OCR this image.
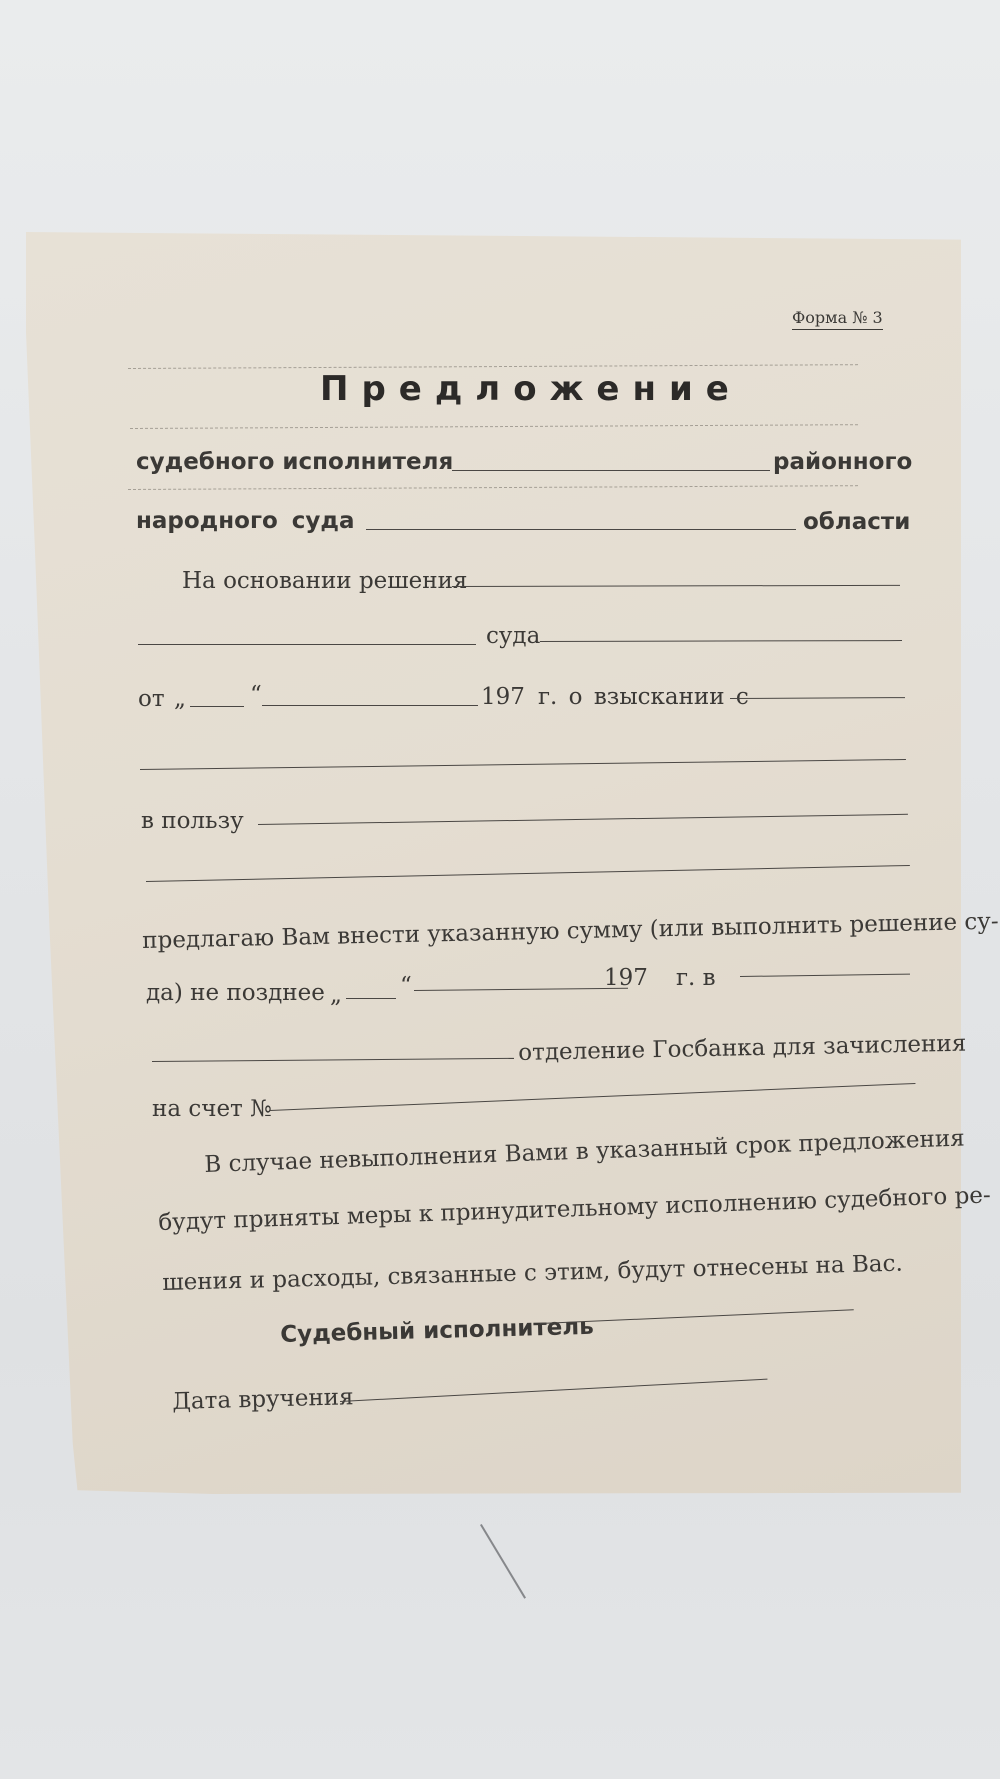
Форма № 3
Предложение
судебного исполнителя	районного
народного суда	области
На основании решения
суда
от „	“	197 г. о взыскании с
в пользу
предлагаю Вам внести указанную сумму (или выполнить решение су-
да) не позднее „	“	197 г. в
отделение Госбанка для зачисления
на счет №
В случае невыполнения Вами в указанный срок предложения
будут приняты меры к принудительному исполнению судебного ре-
шения и расходы, связанные с этим, будут отнесены на Вас.
Судебный исполнитель
Дата вручения
